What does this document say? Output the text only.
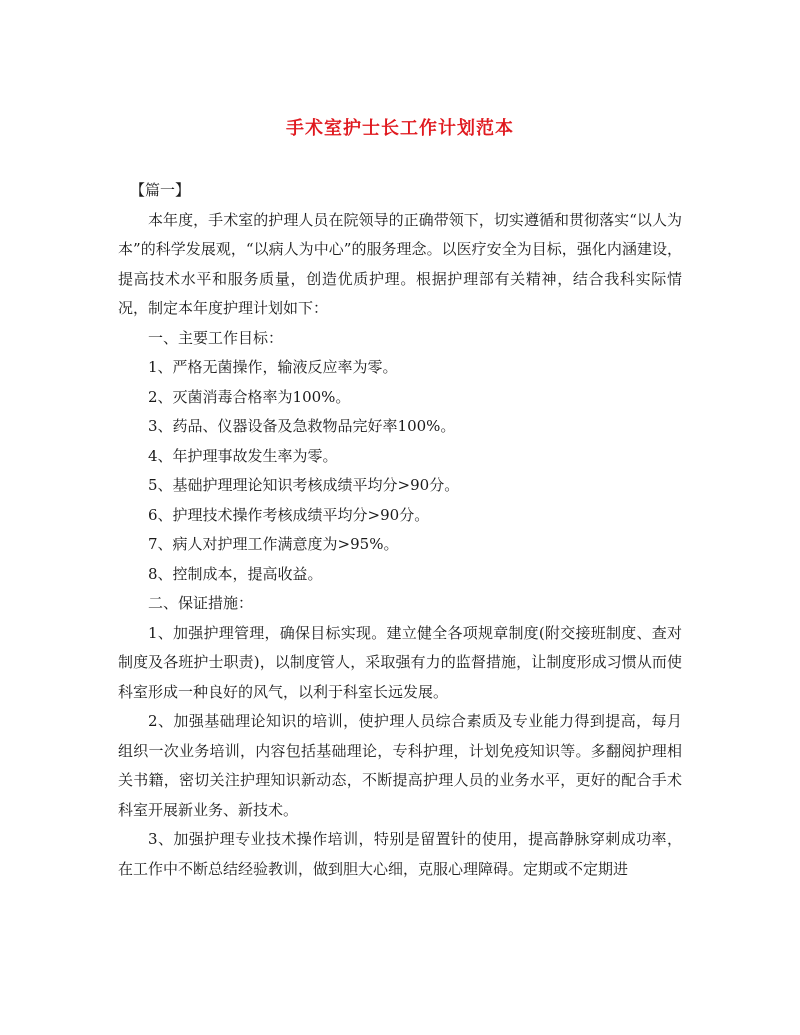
手术室护士长工作计划范本

【篇一】

本年度，手术室的护理人员在院领导的正确带领下，切实遵循和贯彻落实“以人为本”的科学发展观，“以病人为中心”的服务理念。以医疗安全为目标，强化内涵建设，提高技术水平和服务质量，创造优质护理。根据护理部有关精神，结合我科实际情况，制定本年度护理计划如下：

一、主要工作目标：

1、严格无菌操作，输液反应率为零。

2、灭菌消毒合格率为100%。

3、药品、仪器设备及急救物品完好率100%。

4、年护理事故发生率为零。

5、基础护理理论知识考核成绩平均分>90分。

6、护理技术操作考核成绩平均分>90分。

7、病人对护理工作满意度为>95%。

8、控制成本，提高收益。

二、保证措施：

1、加强护理管理，确保目标实现。建立健全各项规章制度(附交接班制度、查对制度及各班护士职责)，以制度管人，采取强有力的监督措施，让制度形成习惯从而使科室形成一种良好的风气，以利于科室长远发展。

2、加强基础理论知识的培训，使护理人员综合素质及专业能力得到提高，每月组织一次业务培训，内容包括基础理论，专科护理，计划免疫知识等。多翻阅护理相关书籍，密切关注护理知识新动态，不断提高护理人员的业务水平，更好的配合手术科室开展新业务、新技术。

3、加强护理专业技术操作培训，特别是留置针的使用，提高静脉穿刺成功率，在工作中不断总结经验教训，做到胆大心细，克服心理障碍。定期或不定期进
